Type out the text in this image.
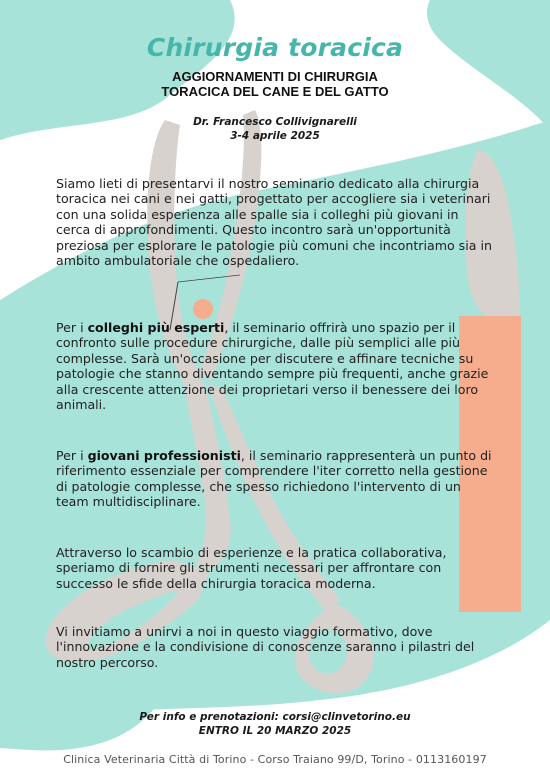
Chirurgia toracica
AGGIORNAMENTI DI CHIRURGIA
TORACICA DEL CANE E DEL GATTO
Dr. Francesco Collivignarelli
3-4 aprile 2025

Siamo lieti di presentarvi il nostro seminario dedicato alla chirurgia toracica nei cani e nei gatti, progettato per accogliere sia i veterinari con una solida esperienza alle spalle sia i colleghi più giovani in cerca di approfondimenti. Questo incontro sarà un'opportunità preziosa per esplorare le patologie più comuni che incontriamo sia in ambito ambulatoriale che ospedaliero.

Per i colleghi più esperti, il seminario offrirà uno spazio per il confronto sulle procedure chirurgiche, dalle più semplici alle più complesse. Sarà un'occasione per discutere e affinare tecniche su patologie che stanno diventando sempre più frequenti, anche grazie alla crescente attenzione dei proprietari verso il benessere dei loro animali.

Per i giovani professionisti, il seminario rappresenterà un punto di riferimento essenziale per comprendere l'iter corretto nella gestione di patologie complesse, che spesso richiedono l'intervento di un team multidisciplinare.

Attraverso lo scambio di esperienze e la pratica collaborativa, speriamo di fornire gli strumenti necessari per affrontare con successo le sfide della chirurgia toracica moderna.

Vi invitiamo a unirvi a noi in questo viaggio formativo, dove l'innovazione e la condivisione di conoscenze saranno i pilastri del nostro percorso.

Per info e prenotazioni: corsi@clinvetorino.eu
ENTRO IL 20 MARZO 2025
Clinica Veterinaria Città di Torino - Corso Traiano 99/D, Torino - 0113160197
